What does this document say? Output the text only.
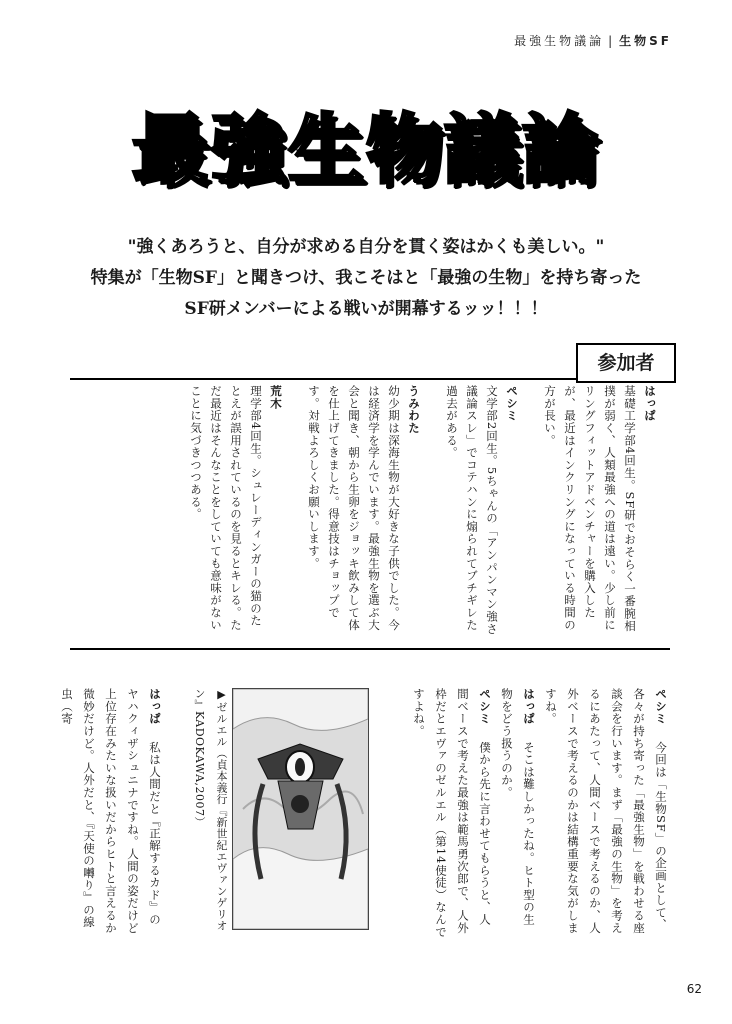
最強生物議論 | 生物SF
最強生物議論
"強くあろうと、自分が求める自分を貫く姿はかくも美しい。"
特集が「生物SF」と聞きつけ、我こそはと「最強の生物」を持ち寄った
SF研メンバーによる戦いが開幕するッッ！！！
参加者

はっぱ

基礎工学部4回生。SF研でおそらく一番腕相撲が弱く、人類最強への道は遠い。少し前にリングフィットアドベンチャーを購入したが、最近はインクリングになっている時間の方が長い。

ペシミ

文学部2回生。5ちゃんの「アンパンマン強さ議論スレ」でコテハンに煽られてブチギレた過去がある。

うみわた

幼少期は深海生物が大好きな子供でした。今は経済学を学んでいます。最強生物を選ぶ大会と聞き、朝から生卵をジョッキ飲みして体を仕上げてきました。得意技はチョップです。対戦よろしくお願いします。

荒木

理学部4回生。シュレーディンガーの猫のたとえが誤用されているのを見るとキレる。ただ最近はそんなことをしていても意味がないことに気づきつつある。

ペシミ　今回は「生物SF」の企画として、各々が持ち寄った「最強生物」を戦わせる座談会を行います。まず「最強の生物」を考えるにあたって、人間ベースで考えるのか、人外ベースで考えるのかは結構重要な気がしますね。

はっぱ　そこは難しかったね。ヒト型の生物をどう扱うのか。

ペシミ　僕から先に言わせてもらうと、人間ベースで考えた最強は範馬勇次郎で、人外枠だとエヴァのゼルエル（第14使徒）なんですよね。

▶ゼルエル（貞本義行『新世紀エヴァンゲリオン』KADOKAWA,2007）

はっぱ　私は人間だと『正解するカド』のヤハクィザシュニナですね。人間の姿だけど上位存在みたいな扱いだからヒトと言えるか微妙だけど。人外だと、『天使の囀り』の線虫（寄

62
